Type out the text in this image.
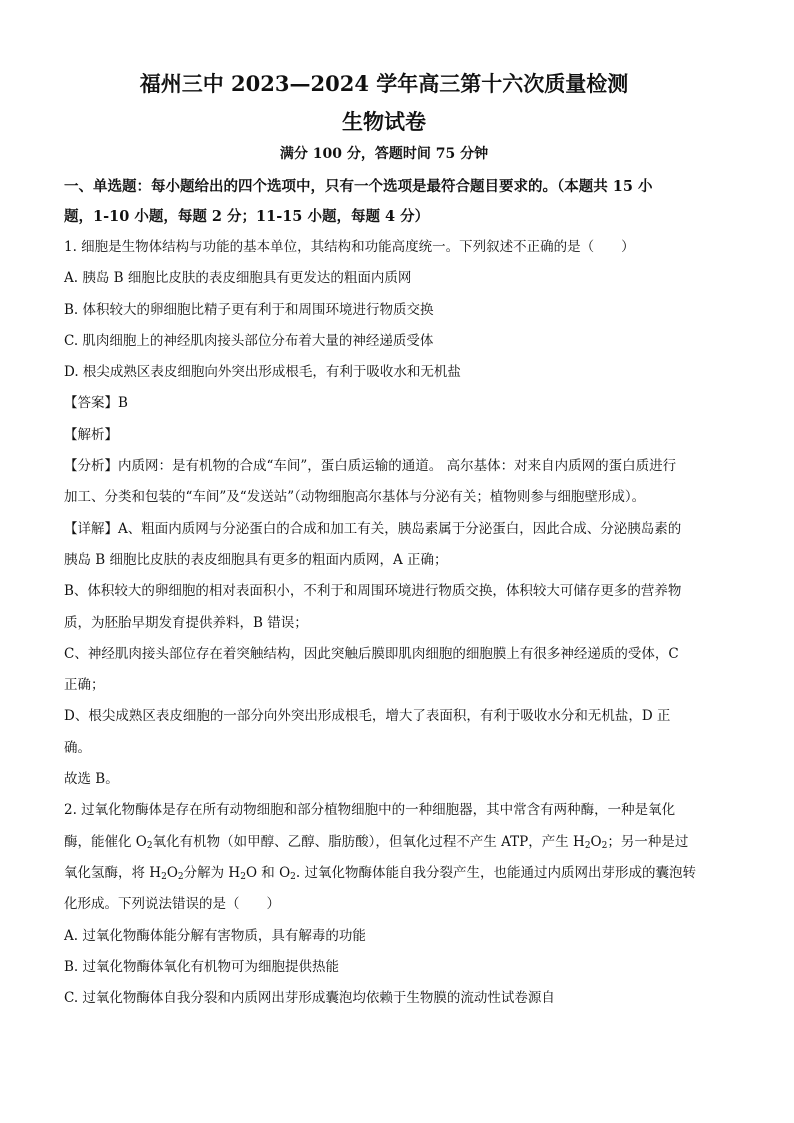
福州三中 2023—2024 学年高三第十六次质量检测
生物试卷
满分 100 分，答题时间 75 分钟
一、单选题：每小题给出的四个选项中，只有一个选项是最符合题目要求的。（本题共 15 小
题，1-10 小题，每题 2 分；11-15 小题，每题 4 分）

1. 细胞是生物体结构与功能的基本单位，其结构和功能高度统一。下列叙述不正确的是（　　）

A. 胰岛 B 细胞比皮肤的表皮细胞具有更发达的粗面内质网

B. 体积较大的卵细胞比精子更有利于和周围环境进行物质交换

C. 肌肉细胞上的神经肌肉接头部位分布着大量的神经递质受体

D. 根尖成熟区表皮细胞向外突出形成根毛，有利于吸收水和无机盐

【答案】B

【解析】

【分析】内质网：是有机物的合成“车间”，蛋白质运输的通道。 高尔基体：对来自内质网的蛋白质进行

加工、分类和包装的“车间”及“发送站”（动物细胞高尔基体与分泌有关；植物则参与细胞壁形成）。

【详解】A、粗面内质网与分泌蛋白的合成和加工有关，胰岛素属于分泌蛋白，因此合成、分泌胰岛素的

胰岛 B 细胞比皮肤的表皮细胞具有更多的粗面内质网，A 正确；

B、体积较大的卵细胞的相对表面积小，不利于和周围环境进行物质交换，体积较大可储存更多的营养物

质，为胚胎早期发育提供养料，B 错误；

C、神经肌肉接头部位存在着突触结构，因此突触后膜即肌肉细胞的细胞膜上有很多神经递质的受体，C

正确；

D、根尖成熟区表皮细胞的一部分向外突出形成根毛，增大了表面积，有利于吸收水分和无机盐，D 正

确。

故选 B。

2. 过氧化物酶体是存在所有动物细胞和部分植物细胞中的一种细胞器，其中常含有两种酶，一种是氧化

酶，能催化 $O_2$氧化有机物（如甲醇、乙醇、脂肪酸），但氧化过程不产生 ATP，产生 $H_2O_2$；另一种是过

氧化氢酶，将 $H_2O_2$分解为 $H_2O$ 和 $O_2$. 过氧化物酶体能自我分裂产生，也能通过内质网出芽形成的囊泡转

化形成。下列说法错误的是（　　）

A. 过氧化物酶体能分解有害物质，具有解毒的功能

B. 过氧化物酶体氧化有机物可为细胞提供热能

C. 过氧化物酶体自我分裂和内质网出芽形成囊泡均依赖于生物膜的流动性试卷源自
